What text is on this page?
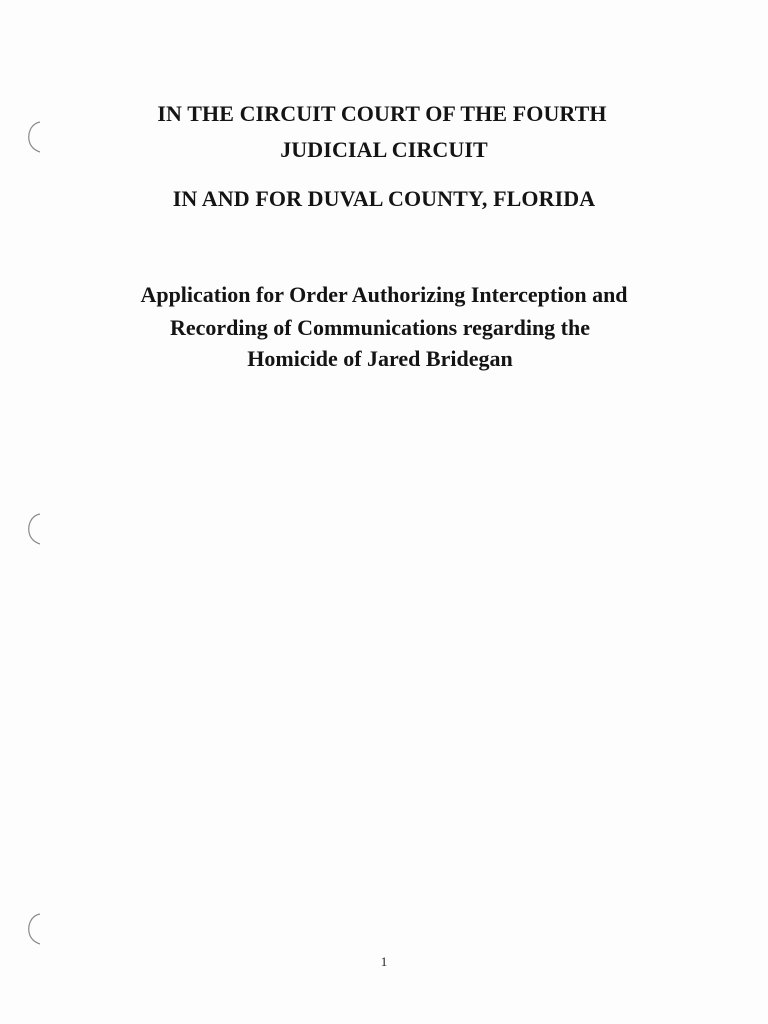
IN THE CIRCUIT COURT OF THE FOURTH
JUDICIAL CIRCUIT
IN AND FOR DUVAL COUNTY, FLORIDA
Application for Order Authorizing Interception and
Recording of Communications regarding the
Homicide of Jared Bridegan
1
